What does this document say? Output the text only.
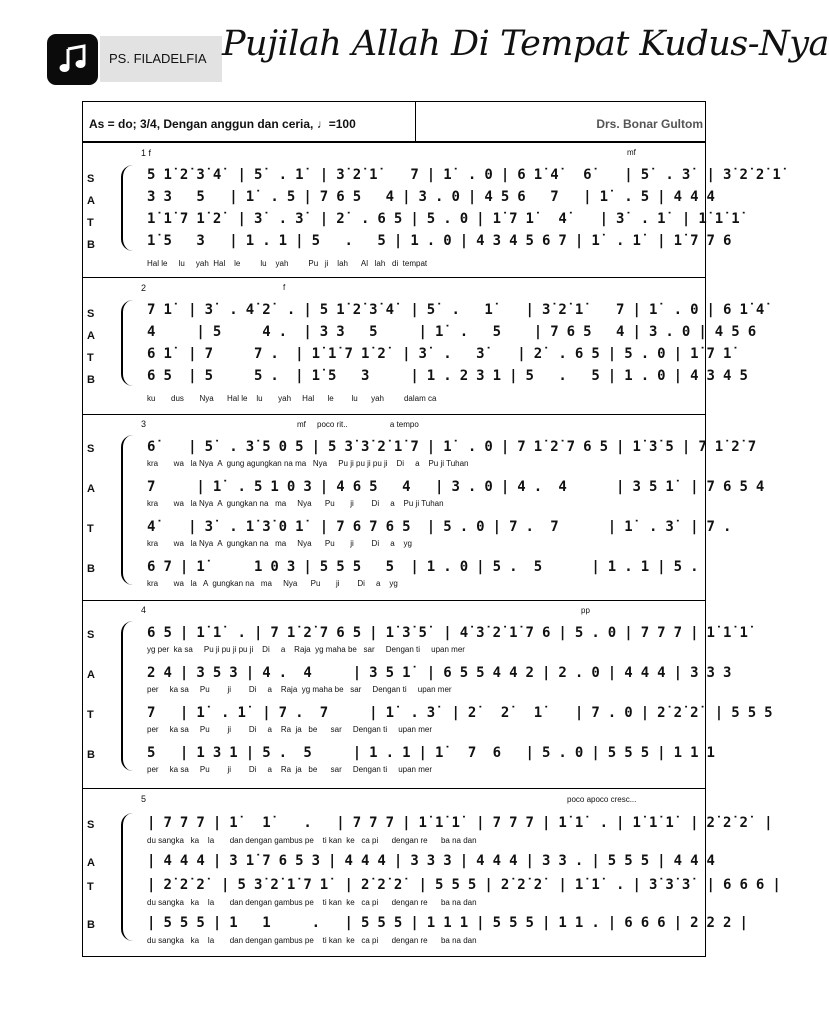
PS. FILADELFIA Pujilah Allah Di Tempat Kudus-Nya
As = do; 3/4, Dengan anggun dan ceria, ♩=100	Drs. Bonar Gultom
1 f	mf
S	5 1˙2˙3˙4˙ | 5˙ . 1˙ | 3˙2˙1˙   7 | 1˙ . 0 | 6 1˙4˙  6˙   | 5˙ . 3˙ | 3˙2˙2˙1˙
A	3 3   5   | 1˙ . 5 | 7 6 5   4 | 3 . 0 | 4 5 6   7   | 1˙ . 5 | 4 4 4
T	1˙1˙7 1˙2˙ | 3˙ . 3˙ | 2˙ . 6 5 | 5 . 0 | 1˙7 1˙  4˙   | 3˙ . 1˙ | 1˙1˙1˙
B	1˙5   3   | 1 . 1 | 5   .   5 | 1 . 0 | 4 3 4 5 6 7 | 1˙ . 1˙ | 1˙7 7 6
Hal le     lu     yah  Hal    le         lu    yah         Pu   ji    lah      Al   lah   di  tempat
2	f
S	7 1˙ | 3˙ . 4˙2˙ . | 5 1˙2˙3˙4˙ | 5˙ .   1˙   | 3˙2˙1˙   7 | 1˙ . 0 | 6 1˙4˙
A	4     | 5     4 .  | 3 3   5     | 1˙ .   5    | 7 6 5   4 | 3 . 0 | 4 5 6
T	6 1˙ | 7     7 .  | 1˙1˙7 1˙2˙ | 3˙ .   3˙   | 2˙ . 6 5 | 5 . 0 | 1˙7 1˙
B	6 5  | 5     5 .  | 1˙5   3     | 1 . 2 3 1 | 5   .   5 | 1 . 0 | 4 3 4 5
ku       dus       Nya      Hal le    lu       yah     Hal      le        lu      yah         dalam ca
3	mf     poco rit..                   a tempo
S	6˙   | 5˙ . 3˙5 0 5 | 5 3˙3˙2˙1˙7 | 1˙ . 0 | 7 1˙2˙7 6 5 | 1˙3˙5 | 7 1˙2˙7
kra       wa   la Nya  A  gung agungkan na ma   Nya     Pu ji pu ji pu ji    Di     a    Pu ji Tuhan
A	7     | 1˙ . 5 1 0 3 | 4 6 5   4   | 3 . 0 | 4 .  4      | 3 5 1˙ | 7 6 5 4
kra       wa   la Nya  A  gungkan na   ma     Nya      Pu       ji        Di     a    Pu ji Tuhan
T	4˙   | 3˙ . 1˙3˙0 1˙ | 7 6 7 6 5  | 5 . 0 | 7 .  7      | 1˙ . 3˙ | 7 .
kra       wa   la Nya  A  gungkan na   ma     Nya      Pu       ji        Di     a    yg
B	6 7 | 1˙     1 0 3 | 5 5 5   5  | 1 . 0 | 5 .  5      | 1 . 1 | 5 .
kra       wa   la   A  gungkan na   ma     Nya      Pu       ji        Di     a    yg
4	pp
S	6 5 | 1˙1˙ . | 7 1˙2˙7 6 5 | 1˙3˙5˙ | 4˙3˙2˙1˙7 6 | 5 . 0 | 7 7 7 | 1˙1˙1˙
yg per  ka sa     Pu ji pu ji pu ji    Di     a    Raja  yg maha be   sar     Dengan ti     upan mer
A	2 4 | 3 5 3 | 4 .  4     | 3 5 1˙ | 6 5 5 4 4 2 | 2 . 0 | 4 4 4 | 3 3 3
per     ka sa     Pu        ji        Di     a    Raja  yg maha be   sar     Dengan ti     upan mer
T	7   | 1˙ . 1˙ | 7 .  7     | 1˙ . 3˙ | 2˙  2˙  1˙   | 7 . 0 | 2˙2˙2˙ | 5 5 5
per     ka sa     Pu        ji        Di     a    Ra  ja   be      sar     Dengan ti     upan mer
B	5   | 1 3 1 | 5 .  5     | 1 . 1 | 1˙  7  6   | 5 . 0 | 5 5 5 | 1 1 1
per     ka sa     Pu        ji        Di     a    Ra  ja   be      sar     Dengan ti     upan mer
5	poco apoco cresc...
S	| 7 7 7 | 1˙  1˙   .   | 7 7 7 | 1˙1˙1˙ | 7 7 7 | 1˙1˙ . | 1˙1˙1˙ | 2˙2˙2˙ |
du sangka   ka    la       dan dengan gambus pe    ti kan  ke   ca pi      dengan re      ba na dan
A	| 4 4 4 | 3 1˙7 6 5 3 | 4 4 4 | 3 3 3 | 4 4 4 | 3 3 . | 5 5 5 | 4 4 4
T	| 2˙2˙2˙ | 5 3˙2˙1˙7 1˙ | 2˙2˙2˙ | 5 5 5 | 2˙2˙2˙ | 1˙1˙ . | 3˙3˙3˙ | 6 6 6 |
du sangka   ka    la       dan dengan gambus pe    ti kan  ke   ca pi      dengan re      ba na dan
B	| 5 5 5 | 1   1     .   | 5 5 5 | 1 1 1 | 5 5 5 | 1 1 . | 6 6 6 | 2 2 2 |
du sangka   ka    la       dan dengan gambus pe    ti kan  ke   ca pi      dengan re      ba na dan
